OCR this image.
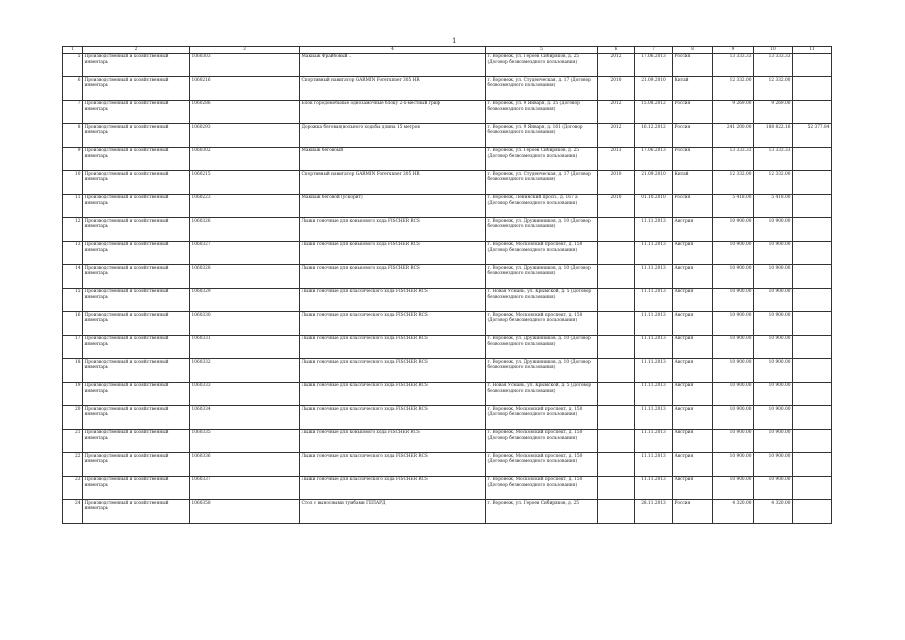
1
1	2	3	4	5	6	7	8	9	10	11
5	Производственный и хозяйственный инвентарь	1060303	Макиаж Фрайбовый ..	г. Воронеж, ул. Героев Сибиряков, д. 25 (Договор безвозмездного пользования)	2012	17.06.2013	Россия	13 333.33	13 333.33	
6	Производственный и хозяйственный инвентарь	1060216	Спортивный навигатор GARMIN Forerunner 305 HR	г. Воронеж, ул. Студенческая, д. 17 (Договор безвозмездного пользования)	2010	21.09.2010	Китай	12 332.00	12 332.00	
7	Производственный и хозяйственный инвентарь	1060286	Блок городомобьные однозамочные блоку 2-х-местный гриф	г. Воронеж, ул. 9 Января, д. 35 (Договор безвозмездного пользования)	2012	15.08.2012	Россия	9 269.00	9 269.00	
8	Производственный и хозяйственный инвентарь	1060293	Дорожка беговая(вольного ходьбы длина 15 метров	г. Воронеж, ул. 9 Января, д. 161 (Договор безвозмездного пользования)	2012	16.12.2012	Россия	241 200.00	188 822.16	52 377.84
9	Производственный и хозяйственный инвентарь	1060302	Макиаж беговоый	г. Воронеж, ул. Героев Сибиряков, д. 25 (Договор безвозмездного пользования)	2013	17.06.2013	Россия	13 333.33	13 333.33	
10	Производственный и хозяйственный инвентарь	1060215	Спортивный навигатор GARMIN Forerunner 305 HR	г. Воронеж, ул. Студенческая, д. 17 (Договор безвозмездного пользования)	2010	21.09.2010	Китай	12 332.00	12 332.00	
11	Производственный и хозяйственный инвентарь	1060223	Макиаж беговой (ускорит)	г. Воронеж, Ленинский просп., д. 167 а (Договор безвозмездного пользования)	2010	01.10.2010	Россия	5 418.00	5 418.00	
12	Производственный и хозяйственный инвентарь	1060326	Лыжи гоночные для конькового хода FISCHER RCS	г. Воронеж, ул. Дружинников, д. 10 (Договор безвозмездного пользования)		11.11.2013	Австрия	10 900.00	10 900.00	
13	Производственный и хозяйственный инвентарь	1060327	Лыжи гоночные для конькового хода FISCHER RCS	г. Воронеж, Московский проспект, д. 150 (Договор безвозмездного пользования)		11.11.2013	Австрия	10 900.00	10 900.00	
14	Производственный и хозяйственный инвентарь	1060328	Лыжи гоночные для конькового хода FISCHER RCS	г. Воронеж, ул. Дружинников, д. 10 (Договор безвозмездного пользования)		11.11.2013	Австрия	10 900.00	10 900.00	
15	Производственный и хозяйственный инвентарь	1060329	Лыжи гоночные для классического хода FISCHER RCS	г. Новая Усмань, ул. Крымской, д. 5 (Договор безвозмездного пользования)		11.11.2013	Австрия	10 900.00	10 900.00	
16	Производственный и хозяйственный инвентарь	1060330	Лыжи гоночные для классического хода FISCHER RCS	г. Воронеж, Московский проспект, д. 150 (Договор безвозмездного пользования)		11.11.2013	Австрия	10 900.00	10 900.00	
17	Производственный и хозяйственный инвентарь	1060331	Лыжи гоночные для классического хода FISCHER RCS	г. Воронеж, ул. Дружинников, д. 10 (Договор безвозмездного пользования)		11.11.2013	Австрия	10 900.00	10 900.00	
18	Производственный и хозяйственный инвентарь	1060332	Лыжи гоночные для классического хода FISCHER RCS	г. Воронеж, ул. Дружинников, д. 10 (Договор безвозмездного пользования)		11.11.2013	Австрия	10 900.00	10 900.00	
19	Производственный и хозяйственный инвентарь	1060333	Лыжи гоночные для классического хода FISCHER RCS	г. Новая Усмань, ул. Крымской, д. 5 (Договор безвозмездного пользования)		11.11.2013	Австрия	10 900.00	10 900.00	
20	Производственный и хозяйственный инвентарь	1060334	Лыжи гоночные для классического хода FISCHER RCS	г. Воронеж, Московский проспект, д. 150 (Договор безвозмездного пользования)		11.11.2013	Австрия	10 900.00	10 900.00	
21	Производственный и хозяйственный инвентарь	1060335	Лыжи гоночные для конькового хода FISCHER RCS	г. Воронеж, Московский проспект, д. 150 (Договор безвозмездного пользования)		11.11.2013	Австрия	10 900.00	10 900.00	
22	Производственный и хозяйственный инвентарь	1060336	Лыжи гоночные для классического хода FISCHER RCS	г. Воронеж, Московский проспект, д. 150 (Договор безвозмездного пользования)		11.11.2013	Австрия	10 900.00	10 900.00	
23	Производственный и хозяйственный инвентарь	1060337	Лыжи гоночные для классического хода FISCHER RCS	г. Воронеж, Московский проспект, д. 150 (Договор безвозмездного пользования)		11.11.2013	Австрия	10 900.00	10 900.00	
24	Производственный и хозяйственный инвентарь	1060358	Стол с выносными тумбами ГЕПАРД	г. Воронеж, ул. Героев Сибиряков, д. 25		28.11.2013	Россия	4 320.00	4 320.00	
